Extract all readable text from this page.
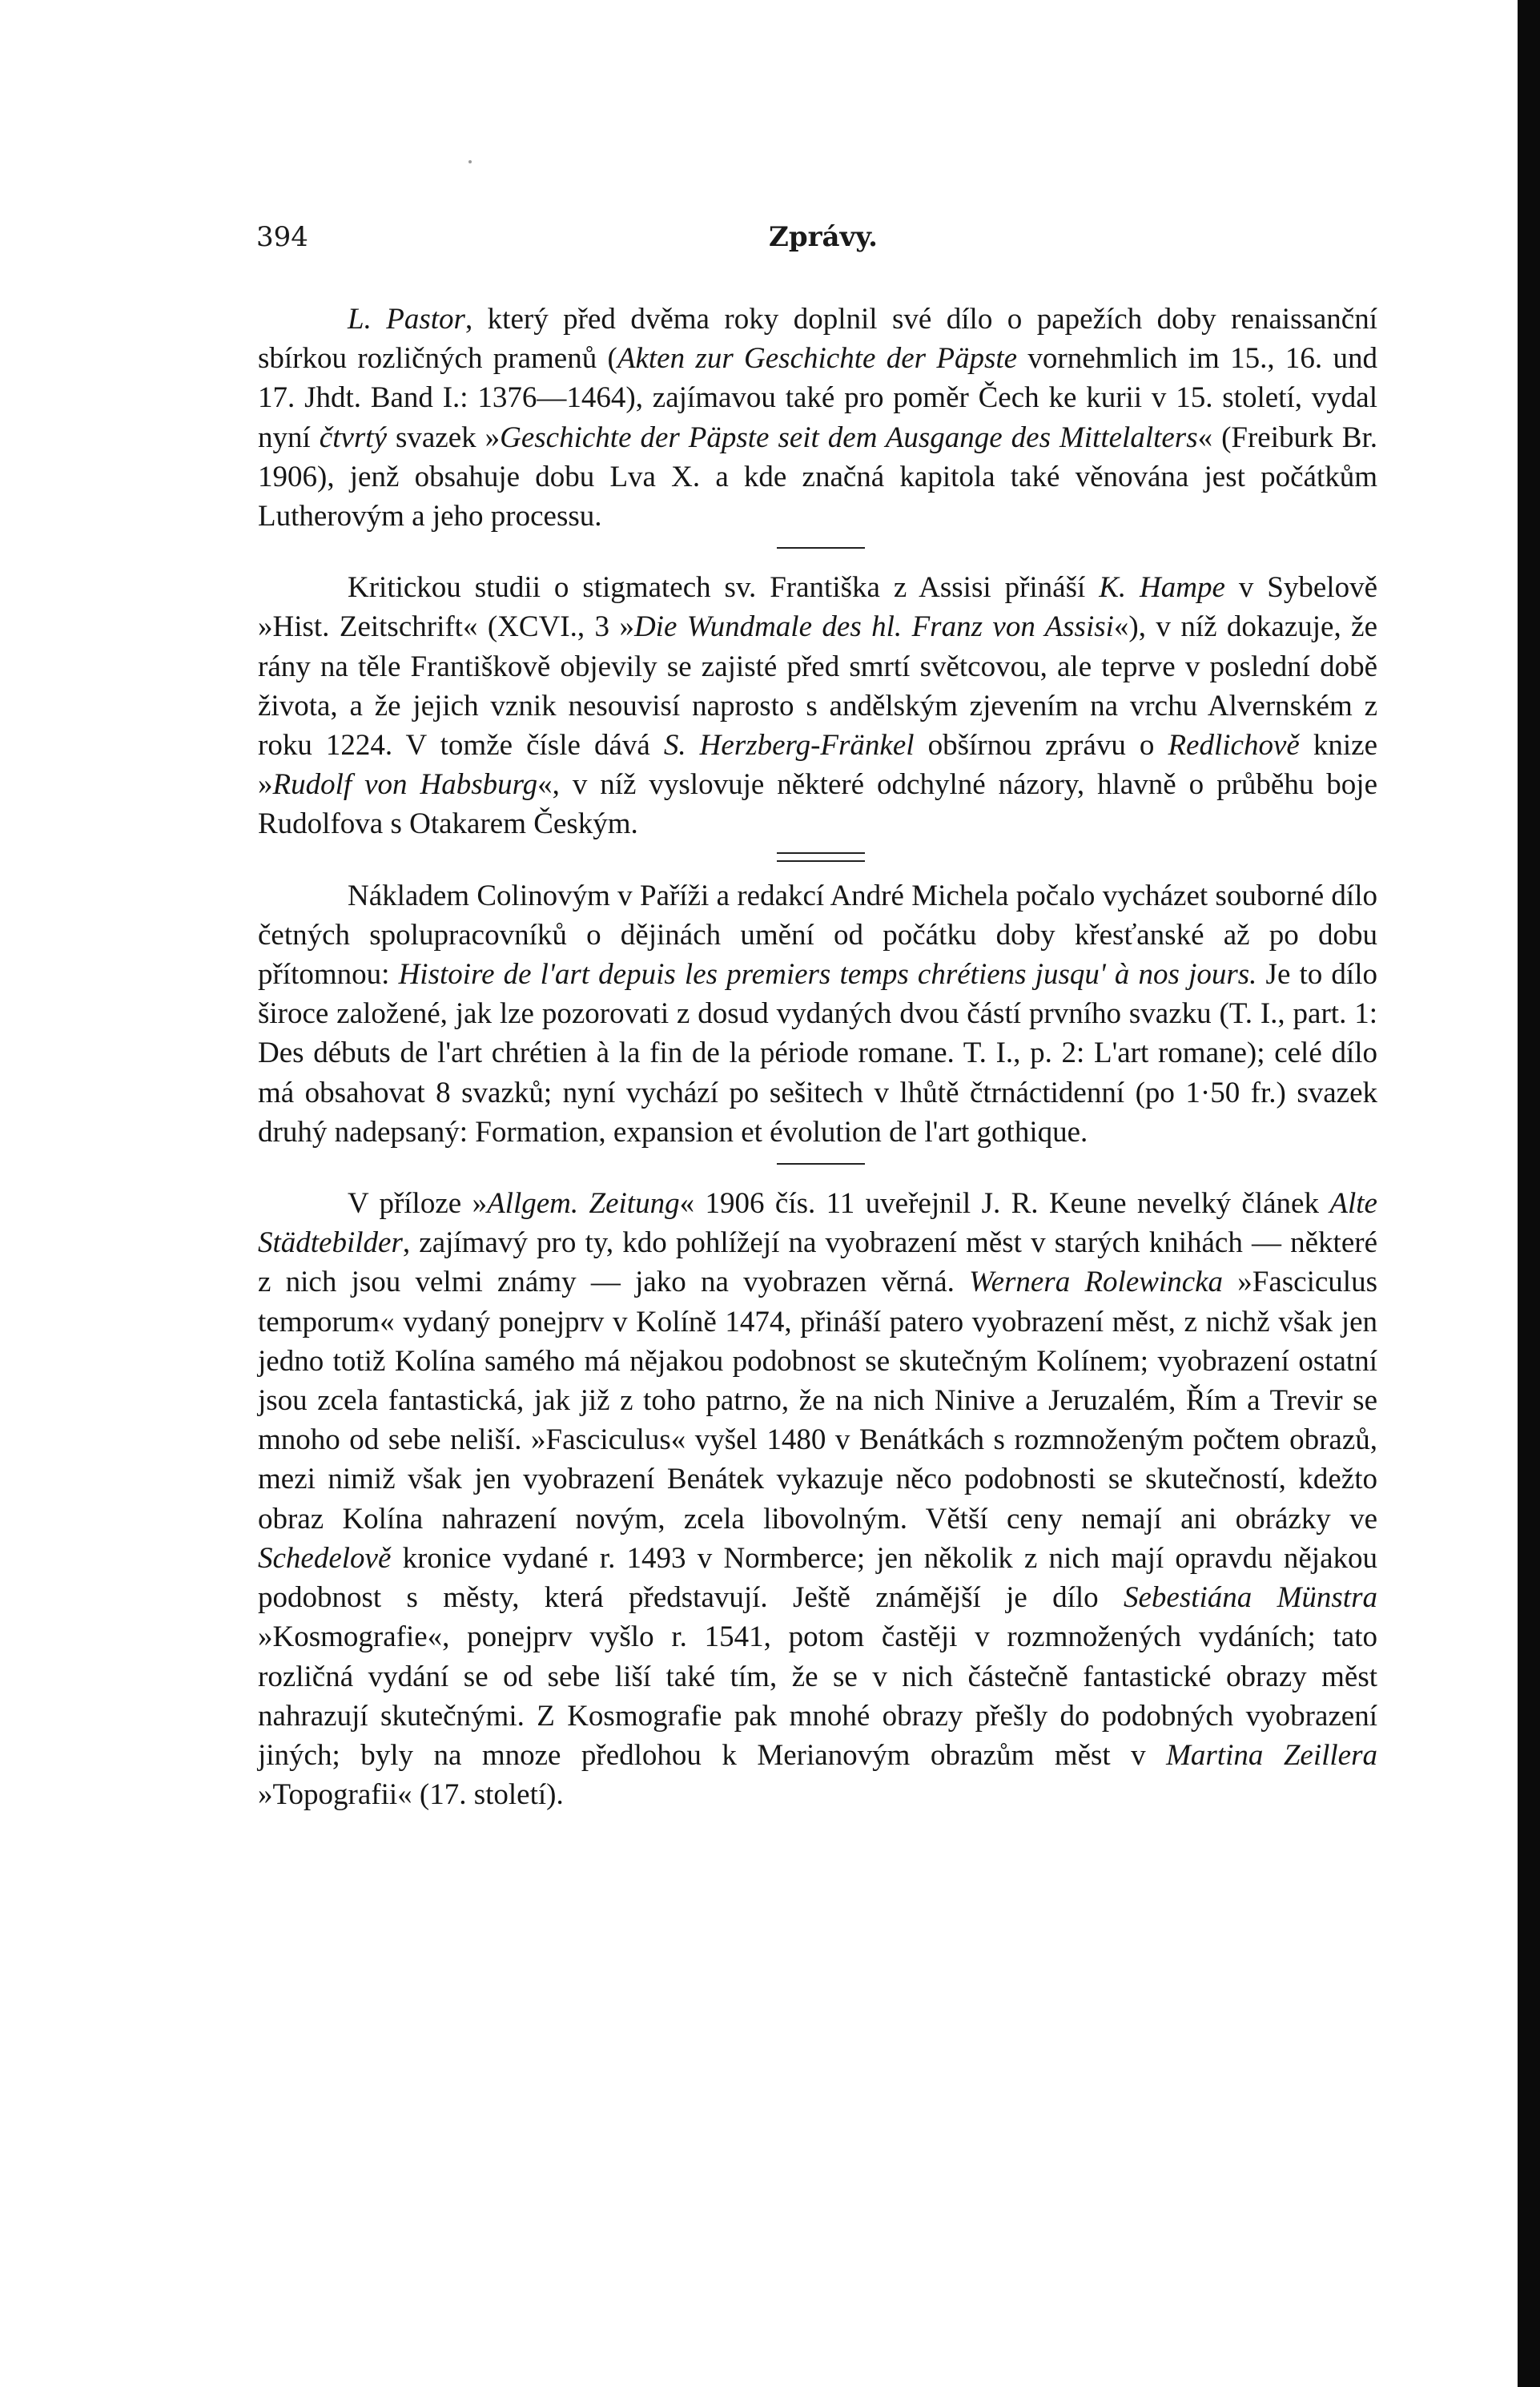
394	Zprávy.

L. Pastor, který před dvěma roky doplnil své dílo o papežích doby renaissanční sbírkou rozličných pramenů (Akten zur Geschichte der Päpste vornehmlich im 15., 16. und 17. Jhdt. Band I.: 1376—1464), zajímavou také pro poměr Čech ke kurii v 15. století, vydal nyní čtvrtý svazek »Geschichte der Päpste seit dem Ausgange des Mittelalters« (Freiburk Br. 1906), jenž obsahuje dobu Lva X. a kde značná kapitola také věnována jest počátkům Lutherovým a jeho processu.

Kritickou studii o stigmatech sv. Františka z Assisi přináší K. Hampe v Sybelově »Hist. Zeitschrift« (XCVI., 3 »Die Wundmale des hl. Franz von Assisi«), v níž dokazuje, že rány na těle Františkově objevily se zajisté před smrtí světcovou, ale teprve v poslední době života, a že jejich vznik nesouvisí naprosto s andělským zjevením na vrchu Alvernském z roku 1224. V tomže čísle dává S. Herzberg-Fränkel obšírnou zprávu o Redlichově knize »Rudolf von Habsburg«, v níž vyslovuje některé odchylné názory, hlavně o průběhu boje Rudolfova s Otakarem Českým.

Nákladem Colinovým v Paříži a redakcí André Michela počalo vycházet souborné dílo četných spolupracovníků o dějinách umění od počátku doby křesťanské až po dobu přítomnou: Histoire de l'art depuis les premiers temps chrétiens jusqu' à nos jours. Je to dílo široce založené, jak lze pozorovati z dosud vydaných dvou částí prvního svazku (T. I., part. 1: Des débuts de l'art chrétien à la fin de la période romane. T. I., p. 2: L'art romane); celé dílo má obsahovat 8 svazků; nyní vychází po sešitech v lhůtě čtrnáctidenní (po 1·50 fr.) svazek druhý nadepsaný: Formation, expansion et évolution de l'art gothique.

V příloze »Allgem. Zeitung« 1906 čís. 11 uveřejnil J. R. Keune nevelký článek Alte Städtebilder, zajímavý pro ty, kdo pohlížejí na vyobrazení měst v starých knihách — některé z nich jsou velmi známy — jako na vyobrazen věrná. Wernera Rolewincka »Fasciculus temporum« vydaný ponejprv v Kolíně 1474, přináší patero vyobrazení měst, z nichž však jen jedno totiž Kolína samého má nějakou podobnost se skutečným Kolínem; vyobrazení ostatní jsou zcela fantastická, jak již z toho patrno, že na nich Ninive a Jeruzalém, Řím a Trevir se mnoho od sebe neliší. »Fasciculus« vyšel 1480 v Benátkách s rozmnoženým počtem obrazů, mezi nimiž však jen vyobrazení Benátek vykazuje něco podobnosti se skutečností, kdežto obraz Kolína nahrazení novým, zcela libovolným. Větší ceny nemají ani obrázky ve Schedelově kronice vydané r. 1493 v Normbercе; jen několik z nich mají opravdu nějakou podobnost s městy, která představují. Ještě známější je dílo Sebestiána Münstra »Kosmografie«, ponejprv vyšlo r. 1541, potom častěji v rozmnožených vydáních; tato rozličná vydání se od sebe liší také tím, že se v nich částečně fantastické obrazy měst nahrazují skutečnými. Z Kosmografie pak mnohé obrazy přešly do podobných vyobrazení jiných; byly na mnoze předlohou k Merianovým obrazům měst v Martina Zeillera »Topografii« (17. století).
